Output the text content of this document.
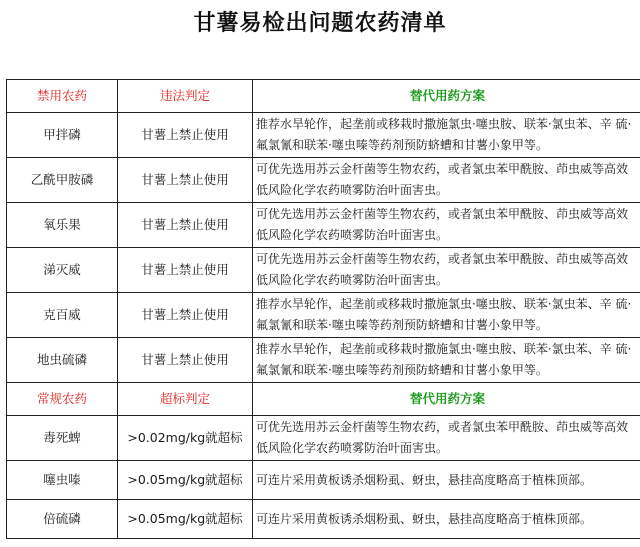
甘薯易检出问题农药清单
禁用农药	违法判定	替代用药方案
甲拌磷	甘薯上禁止使用	推荐水旱轮作，起垄前或移栽时撒施氯虫·噻虫胺、联苯·氯虫苯、辛 硫·氟氯氰和联苯·噻虫嗪等药剂预防蛴螬和甘薯小象甲等。
乙酰甲胺磷	甘薯上禁止使用	可优先选用苏云金杆菌等生物农药，或者氯虫苯甲酰胺、茚虫威等高效低风险化学农药喷雾防治叶面害虫。
氧乐果	甘薯上禁止使用	可优先选用苏云金杆菌等生物农药，或者氯虫苯甲酰胺、茚虫威等高效低风险化学农药喷雾防治叶面害虫。
涕灭威	甘薯上禁止使用	可优先选用苏云金杆菌等生物农药，或者氯虫苯甲酰胺、茚虫威等高效低风险化学农药喷雾防治叶面害虫。
克百威	甘薯上禁止使用	推荐水旱轮作，起垄前或移栽时撒施氯虫·噻虫胺、联苯·氯虫苯、辛 硫·氟氯氰和联苯·噻虫嗪等药剂预防蛴螬和甘薯小象甲等。
地虫硫磷	甘薯上禁止使用	推荐水旱轮作，起垄前或移栽时撒施氯虫·噻虫胺、联苯·氯虫苯、辛 硫·氟氯氰和联苯·噻虫嗪等药剂预防蛴螬和甘薯小象甲等。
常规农药	超标判定	替代用药方案
毒死蜱	>0.02mg/kg就超标	可优先选用苏云金杆菌等生物农药，或者氯虫苯甲酰胺、茚虫威等高效低风险化学农药喷雾防治叶面害虫。
噻虫嗪	>0.05mg/kg就超标	可连片采用黄板诱杀烟粉虱、蚜虫，悬挂高度略高于植株顶部。
倍硫磷	>0.05mg/kg就超标	可连片采用黄板诱杀烟粉虱、蚜虫，悬挂高度略高于植株顶部。
